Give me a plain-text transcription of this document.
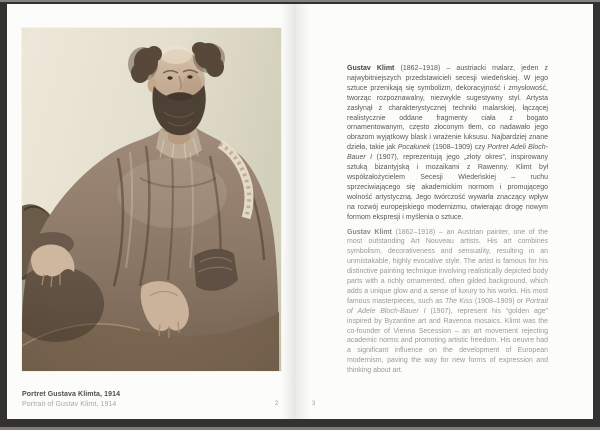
Portret Gustava Klimta, 1914
Portrait of Gustav Klimt, 1914	2

Gustav Klimt (1862–1918) – austriacki malarz, jeden z najwybitniejszych przedstawicieli secesji wiedeńskiej. W jego sztuce przenikają się symbolizm, dekoracyjność i zmysłowość, tworząc rozpoznawalny, niezwykle sugestywny styl. Artysta zasłynął z charakterystycznej techniki malarskiej, łączącej realistycznie oddane fragmenty ciała z bogato ornamentowanym, często złoconym tłem, co nadawało jego obrazom wyjątkowy blask i wrażenie luksusu. Najbardziej znane dzieła, takie jak Pocałunek (1908–1909) czy Portret Adeli Bloch-Bauer I (1907), reprezentują jego „złoty okres”, inspirowany sztuką bizantyjską i mozaikami z Rawenny. Klimt był współzałożycielem Secesji Wiedeńskiej – ruchu sprzeciwiającego się akademickim normom i promującego wolność artystyczną. Jego twórczość wywarła znaczący wpływ na rozwój europejskiego modernizmu, otwierając drogę nowym formom ekspresji i myślenia o sztuce.

Gustav Klimt (1862–1918) – an Austrian painter, one of the most outstanding Art Nouveau artists. His art combines symbolism, decorativeness and sensuality, resulting in an unmistakable, highly evocative style. The artist is famous for his distinctive painting technique involving realistically depicted body parts with a richly ornamented, often gilded background, which adds a unique glow and a sense of luxury to his works. His most famous masterpieces, such as The Kiss (1908–1909) or Portrait of Adele Bloch-Bauer I (1907), represent his “golden age” inspired by Byzantine art and Ravenna mosaics. Klimt was the co-founder of Vienna Secession – an art movement rejecting academic norms and promoting artistic freedom. His oeuvre had a significant influence on the development of European modernism, paving the way for new forms of expression and thinking about art.

3
